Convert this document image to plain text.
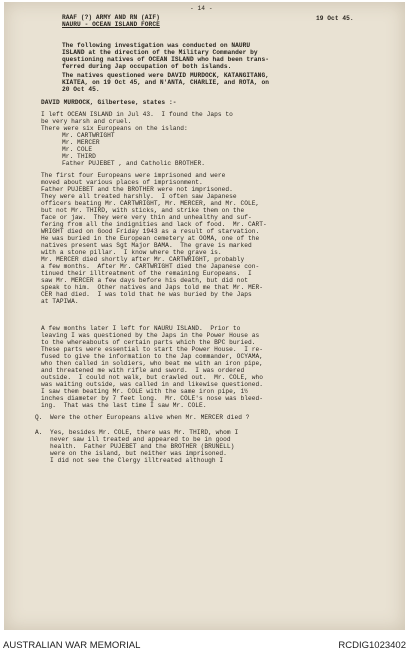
- 14 -
RAAF (?) ARMY AND RN (AIF)
NAURU - OCEAN ISLAND FORCE
19 Oct 45.
The following investigation was conducted on NAURU
ISLAND at the direction of the Military Commander by
questioning natives of OCEAN ISLAND who had been trans-
ferred during Jap occupation of both islands.
The natives questioned were DAVID MURDOCK, KATANGITANG,
KIATEA, on 19 Oct 45, and N'ANTA, CHARLIE, and ROTA, on
20 Oct 45.
DAVID MURDOCK, Gilbertese, states :-
I left OCEAN ISLAND in Jul 43.  I found the Japs to
be very harsh and cruel.
There were six Europeans on the island:
Mr. CARTWRIGHT
Mr. MERCER
Mr. COLE
Mr. THIRD
Father PUJEBET , and Catholic BROTHER.
The first four Europeans were imprisoned and were
moved about various places of imprisonment.
Father PUJEBET and the BROTHER were not imprisoned.
They were all treated harshly.  I often saw Japanese
officers beating Mr. CARTWRIGHT, Mr. MERCER, and Mr. COLE,
but not Mr. THIRD, with sticks, and strike them on the
face or jaw.  They were very thin and unhealthy and suf-
fering from all the indignities and lack of food.  Mr. CART-
WRIGHT died on Good Friday 1943 as a result of starvation.
He was buried in the European cemetery at OOMA, one of the
natives present was Sgt Major BAMA.  The grave is marked
with a stone pillar.  I know where the grave is.
Mr. MERCER died shortly after Mr. CARTWRIGHT, probably
a few months.  After Mr. CARTWRIGHT died the Japanese con-
tinued their illtreatment of the remaining Europeans.  I
saw Mr. MERCER a few days before his death, but did not
speak to him.  Other natives and Japs told me that Mr. MER-
CER had died.  I was told that he was buried by the Japs
at TAPIWA.
A few months later I left for NAURU ISLAND.  Prior to
leaving I was questioned by the Japs in the Power House as
to the whereabouts of certain parts which the BPC buried.
These parts were essential to start the Power House.  I re-
fused to give the information to the Jap commander, OCYAMA,
who then called in soldiers, who beat me with an iron pipe,
and threatened me with rifle and sword.  I was ordered
outside.  I could not walk, but crawled out.  Mr. COLE, who
was waiting outside, was called in and likewise questioned.
I saw them beating Mr. COLE with the same iron pipe, 1½
inches diameter by 7 feet long.  Mr. COLE's nose was bleed-
ing.  That was the last time I saw Mr. COLE.
Q.  Were the other Europeans alive when Mr. MERCER died ?
A.  Yes, besides Mr. COLE, there was Mr. THIRD, whom I
never saw ill treated and appeared to be in good
health.  Father PUJEBET and the BROTHER (BRUNELL)
were on the island, but neither was imprisoned.
I did not see the Clergy illtreated although I
AUSTRALIAN WAR MEMORIAL	RCDIG1023402
